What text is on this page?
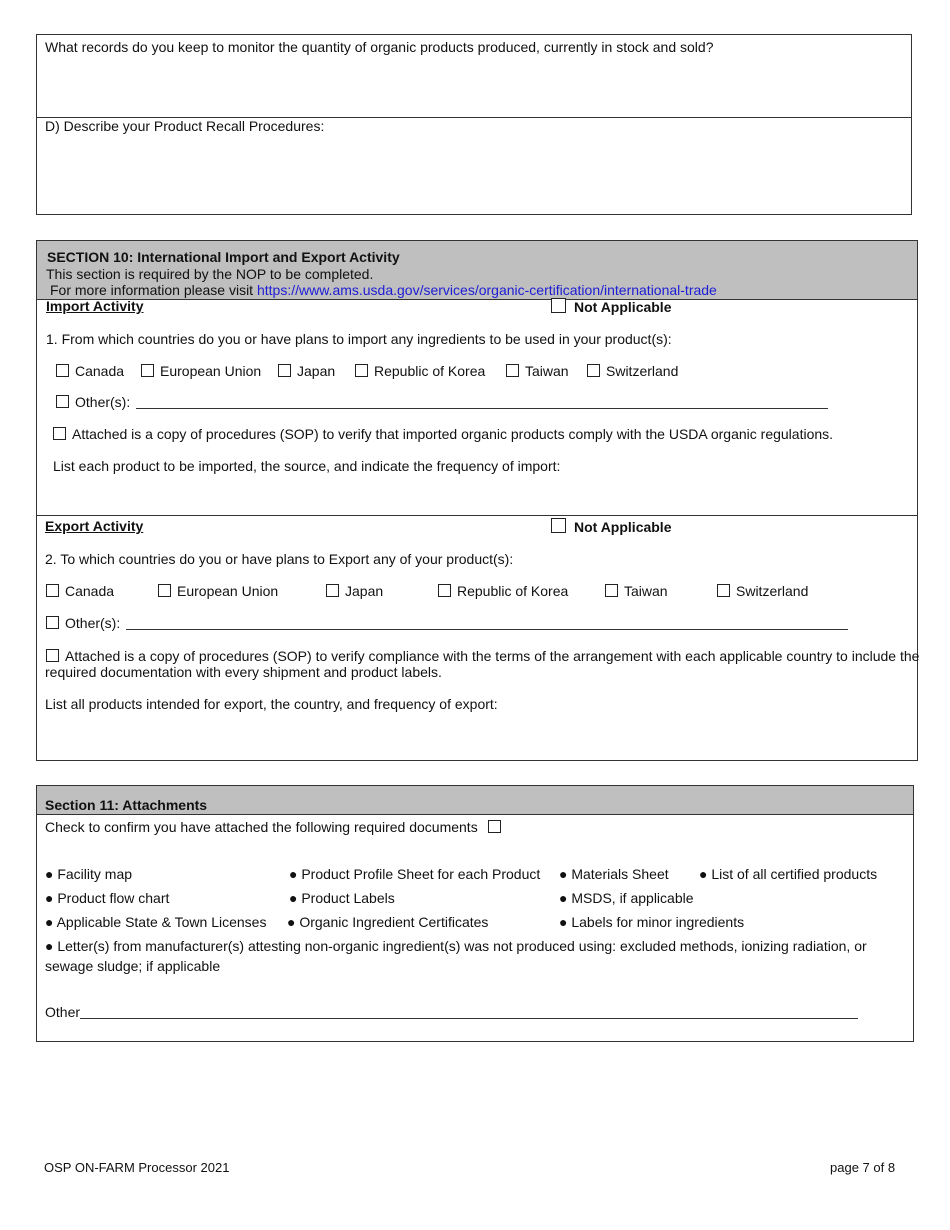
What records do you keep to monitor the quantity of organic products produced, currently in stock and sold?
D) Describe your Product Recall Procedures:
SECTION 10: International Import and Export Activity
This section is required by the NOP to be completed.
For more information please visit https://www.ams.usda.gov/services/organic-certification/international-trade
Import Activity	Not Applicable
1. From which countries do you or have plans to import any ingredients to be used in your product(s):
Canada	European Union	Japan	Republic of Korea	Taiwan	Switzerland
Other(s):
Attached is a copy of procedures (SOP) to verify that imported organic products comply with the USDA organic regulations.
List each product to be imported, the source, and indicate the frequency of import:
Export Activity	Not Applicable
2. To which countries do you or have plans to Export any of your product(s):
Canada	European Union	Japan	Republic of Korea	Taiwan	Switzerland
Other(s):
Attached is a copy of procedures (SOP) to verify compliance with the terms of the arrangement with each applicable country to include the
required documentation with every shipment and product labels.
List all products intended for export, the country, and frequency of export:
Section 11: Attachments
Check to confirm you have attached the following required documents
● Facility map	● Product Profile Sheet for each Product ● Materials Sheet ● List of all certified products
● Product flow chart	● Product Labels	● MSDS, if applicable
● Applicable State & Town Licenses ● Organic Ingredient Certificates	● Labels for minor ingredients
● Letter(s) from manufacturer(s) attesting non-organic ingredient(s) was not produced using: excluded methods, ionizing radiation, or
sewage sludge; if applicable
Other
OSP ON-FARM Processor 2021	page 7 of 8
